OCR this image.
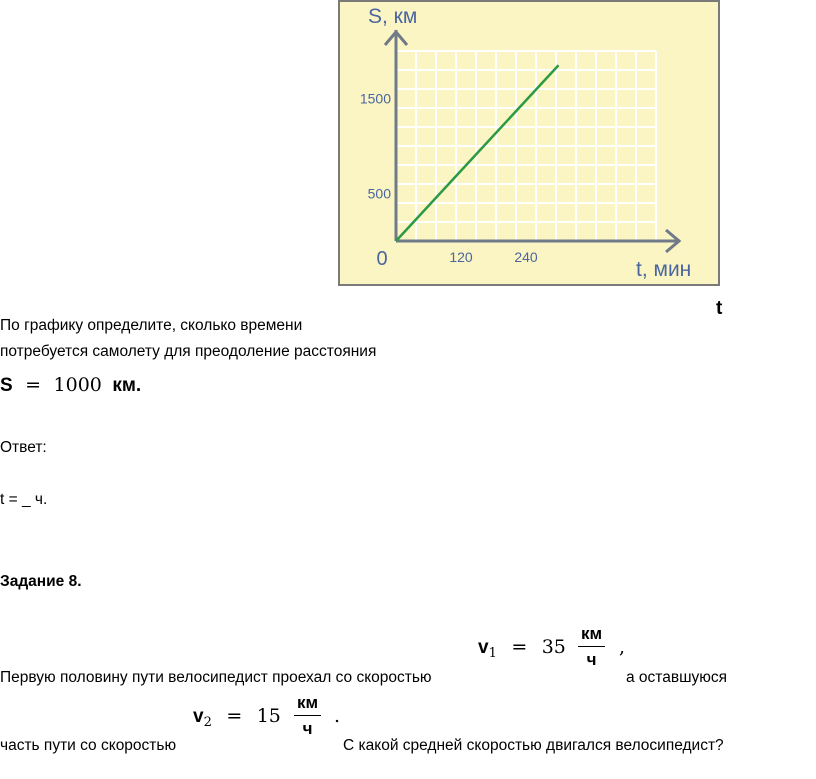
120	240
500
1500
0
S, км
t, мин
t
По графику определите, сколько времени
потребуется самолету для преодоление расстояния
S = 1000 км.
Ответ:
t = _ ч.
Задание 8.
Первую половину пути велосипедист проехал со скоростью
$v_1 = 35$
км
ч
,
а оставшуюся
$v_2 = 15$
км
ч
.
часть пути со скоростью	С какой средней скоростью двигался велосипедист?
